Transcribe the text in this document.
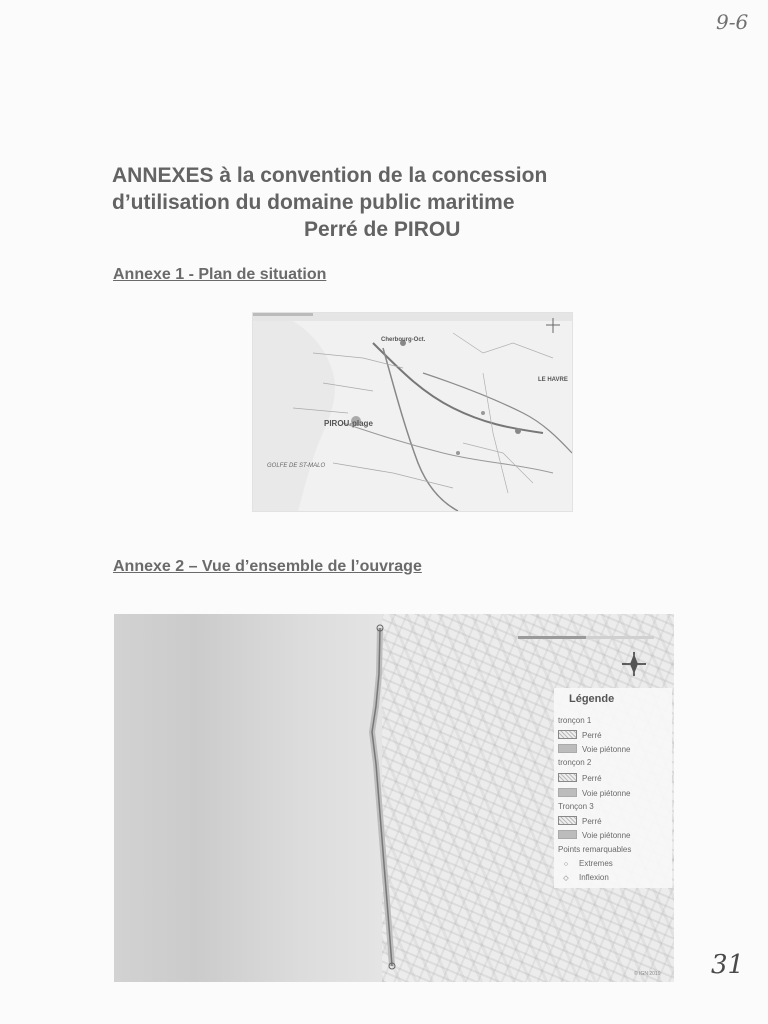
9-6
ANNEXES à la convention de la concession
d’utilisation du domaine public maritime
Perré de PIROU
Annexe 1 - Plan de situation
Cherbourg-Oct.
LE HAVRE
PIROU-plage
GOLFE DE ST-MALO
Annexe 2 – Vue d’ensemble de l’ouvrage
Légende
tronçon 1
Perré
Voie piétonne
tronçon 2
Perré
Voie piétonne
Tronçon 3
Perré
Voie piétonne
Points remarquables
○ Extremes
◇ Inflexion
© IGN 2019 31
